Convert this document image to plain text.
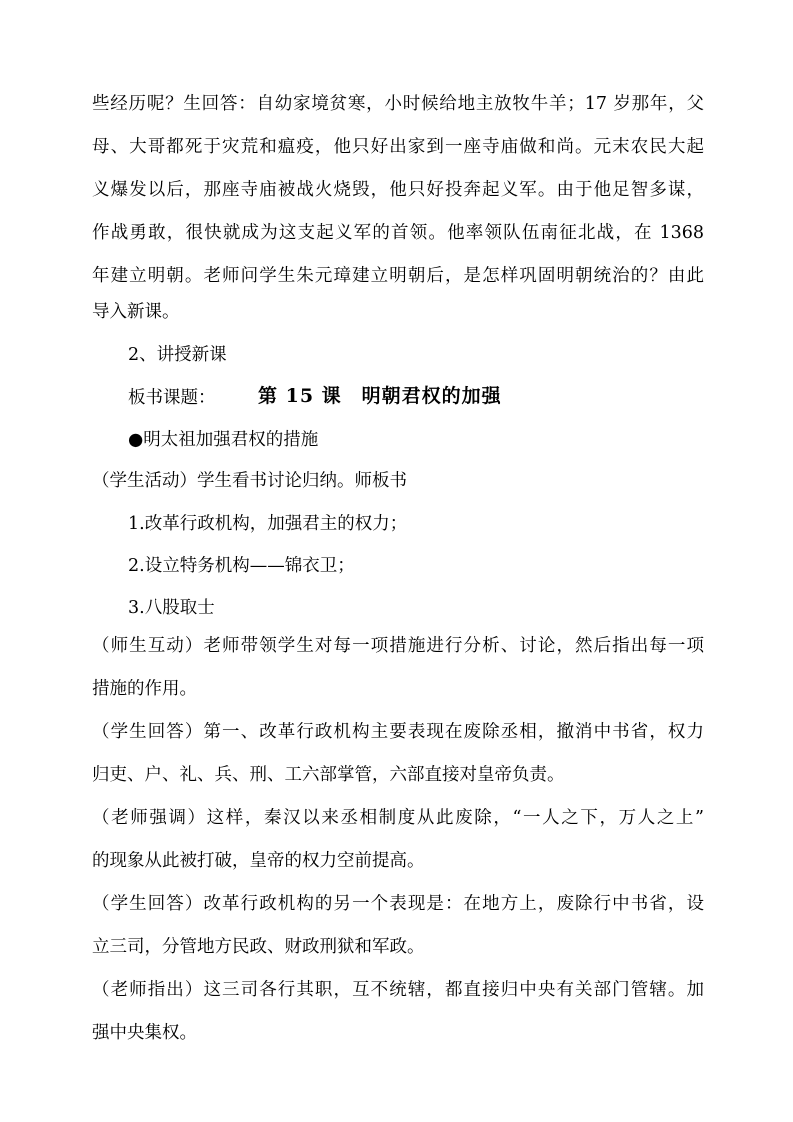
些经历呢？生回答：自幼家境贫寒，小时候给地主放牧牛羊；17 岁那年，父
母、大哥都死于灾荒和瘟疫，他只好出家到一座寺庙做和尚。元末农民大起
义爆发以后，那座寺庙被战火烧毁，他只好投奔起义军。由于他足智多谋，
作战勇敢，很快就成为这支起义军的首领。他率领队伍南征北战，在 1368
年建立明朝。老师问学生朱元璋建立明朝后，是怎样巩固明朝统治的？由此
导入新课。
2、讲授新课
板书课题： 第 15 课　明朝君权的加强
●明太祖加强君权的措施
（学生活动）学生看书讨论归纳。师板书
1.改革行政机构，加强君主的权力；
2.设立特务机构——锦衣卫；
3.八股取士
（师生互动）老师带领学生对每一项措施进行分析、讨论，然后指出每一项
措施的作用。
（学生回答）第一、改革行政机构主要表现在废除丞相，撤消中书省，权力
归吏、户、礼、兵、刑、工六部掌管，六部直接对皇帝负责。
（老师强调）这样，秦汉以来丞相制度从此废除，“一人之下，万人之上”
的现象从此被打破，皇帝的权力空前提高。
（学生回答）改革行政机构的另一个表现是：在地方上，废除行中书省，设
立三司，分管地方民政、财政刑狱和军政。
（老师指出）这三司各行其职，互不统辖，都直接归中央有关部门管辖。加
强中央集权。
